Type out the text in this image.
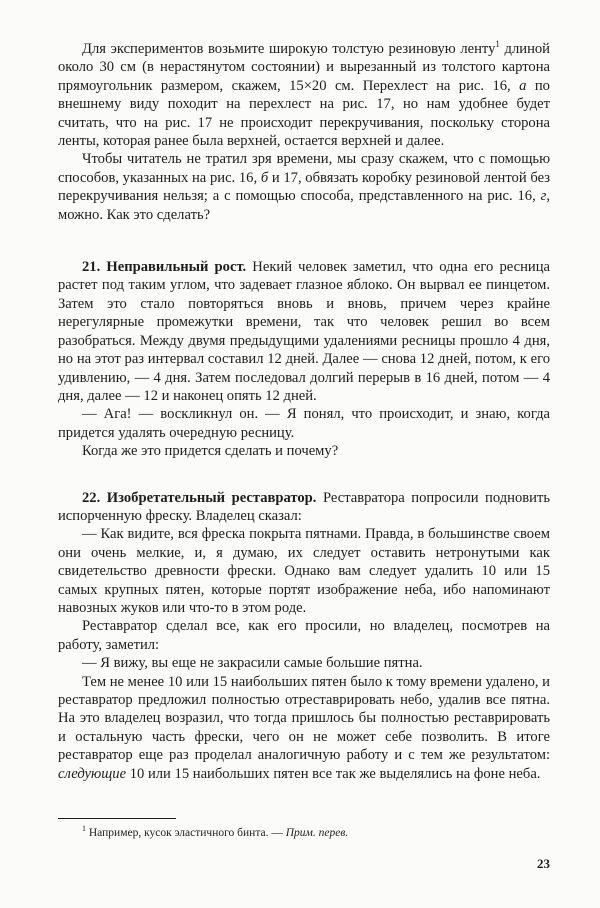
Для экспериментов возьмите широкую толстую резиновую ленту$^1$ длиной около 30 см (в нерастянутом состоянии) и вырезанный из толстого картона прямоугольник размером, скажем, 15×20 см. Перехлест на рис. 16, а по внешнему виду походит на перехлест на рис. 17, но нам удобнее будет считать, что на рис. 17 не происходит перекручивания, поскольку сторона ленты, которая ранее была верхней, остается верхней и далее.

Чтобы читатель не тратил зря времени, мы сразу скажем, что с помощью способов, указанных на рис. 16, б и 17, обвязать коробку резиновой лентой без перекручивания нельзя; а с помощью способа, представленного на рис. 16, г, можно. Как это сделать?

21. Неправильный рост. Некий человек заметил, что одна его ресница растет под таким углом, что задевает глазное яблоко. Он вырвал ее пинцетом. Затем это стало повторяться вновь и вновь, причем через крайне нерегулярные промежутки времени, так что человек решил во всем разобраться. Между двумя предыдущими удалениями ресницы прошло 4 дня, но на этот раз интервал составил 12 дней. Далее — снова 12 дней, потом, к его удивлению, — 4 дня. Затем последовал долгий перерыв в 16 дней, потом — 4 дня, далее — 12 и наконец опять 12 дней.

— Ага! — воскликнул он. — Я понял, что происходит, и знаю, когда придется удалять очередную ресницу.

Когда же это придется сделать и почему?

22. Изобретательный реставратор. Реставратора попросили подновить испорченную фреску. Владелец сказал:

— Как видите, вся фреска покрыта пятнами. Правда, в большинстве своем они очень мелкие, и, я думаю, их следует оставить нетронутыми как свидетельство древности фрески. Однако вам следует удалить 10 или 15 самых крупных пятен, которые портят изображение неба, ибо напоминают навозных жуков или что-то в этом роде.

Реставратор сделал все, как его просили, но владелец, посмотрев на работу, заметил:

— Я вижу, вы еще не закрасили самые большие пятна.

Тем не менее 10 или 15 наибольших пятен было к тому времени удалено, и реставратор предложил полностью отреставрировать небо, удалив все пятна. На это владелец возразил, что тогда пришлось бы полностью реставрировать и остальную часть фрески, чего он не может себе позволить. В итоге реставратор еще раз проделал аналогичную работу и с тем же результатом: следующие 10 или 15 наибольших пятен все так же выделялись на фоне неба.

$^1$ Например, кусок эластичного бинта. — Прим. перев.
23
